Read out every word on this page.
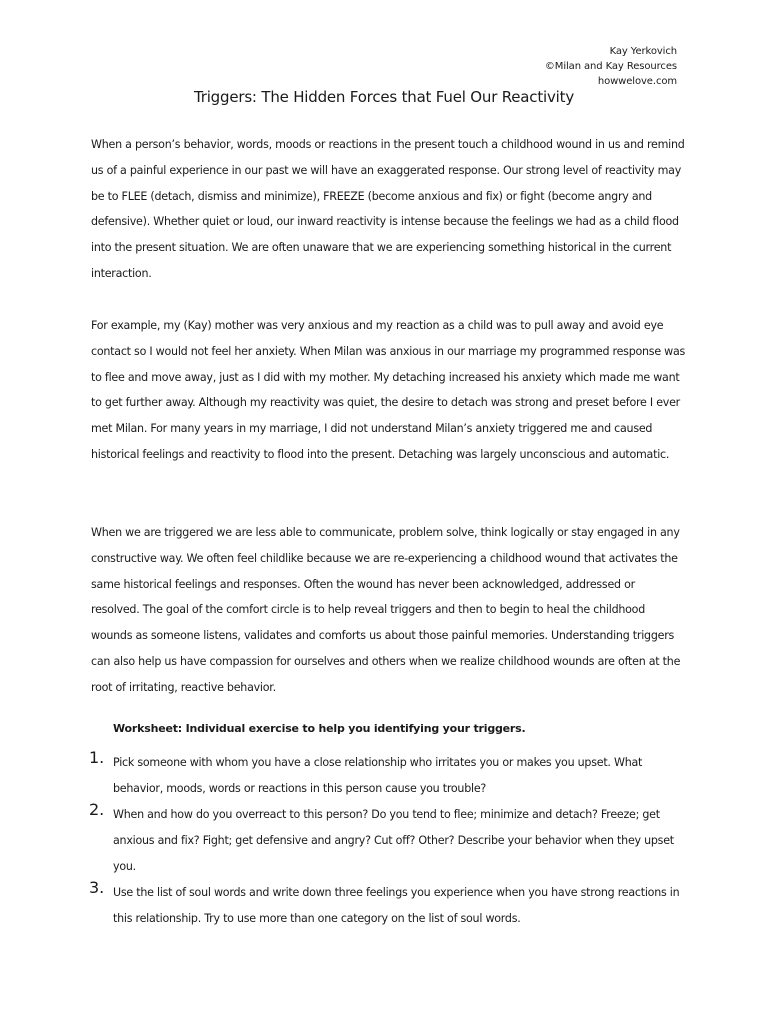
Kay Yerkovich
©Milan and Kay Resources
howwelove.com
Triggers: The Hidden Forces that Fuel Our Reactivity

When a person’s behavior, words, moods or reactions in the present touch a childhood wound in us and remind us of a painful experience in our past we will have an exaggerated response. Our strong level of reactivity may be to FLEE (detach, dismiss and minimize), FREEZE (become anxious and fix) or fight (become angry and defensive). Whether quiet or loud, our inward reactivity is intense because the feelings we had as a child flood into the present situation. We are often unaware that we are experiencing something historical in the current interaction.

For example, my (Kay) mother was very anxious and my reaction as a child was to pull away and avoid eye contact so I would not feel her anxiety. When Milan was anxious in our marriage my programmed response was to flee and move away, just as I did with my mother. My detaching increased his anxiety which made me want to get further away. Although my reactivity was quiet, the desire to detach was strong and preset before I ever met Milan. For many years in my marriage, I did not understand Milan’s anxiety triggered me and caused historical feelings and reactivity to flood into the present. Detaching was largely unconscious and automatic.

When we are triggered we are less able to communicate, problem solve, think logically or stay engaged in any constructive way. We often feel childlike because we are re-experiencing a childhood wound that activates the same historical feelings and responses. Often the wound has never been acknowledged, addressed or resolved. The goal of the comfort circle is to help reveal triggers and then to begin to heal the childhood wounds as someone listens, validates and comforts us about those painful memories. Understanding triggers can also help us have compassion for ourselves and others when we realize childhood wounds are often at the root of irritating, reactive behavior.

Worksheet: Individual exercise to help you identifying your triggers.
1. Pick someone with whom you have a close relationship who irritates you or makes you upset. What behavior, moods, words or reactions in this person cause you trouble?

2. When and how do you overreact to this person? Do you tend to flee; minimize and detach? Freeze; get anxious and fix? Fight; get defensive and angry? Cut off? Other? Describe your behavior when they upset you.

3. Use the list of soul words and write down three feelings you experience when you have strong reactions in this relationship. Try to use more than one category on the list of soul words.
